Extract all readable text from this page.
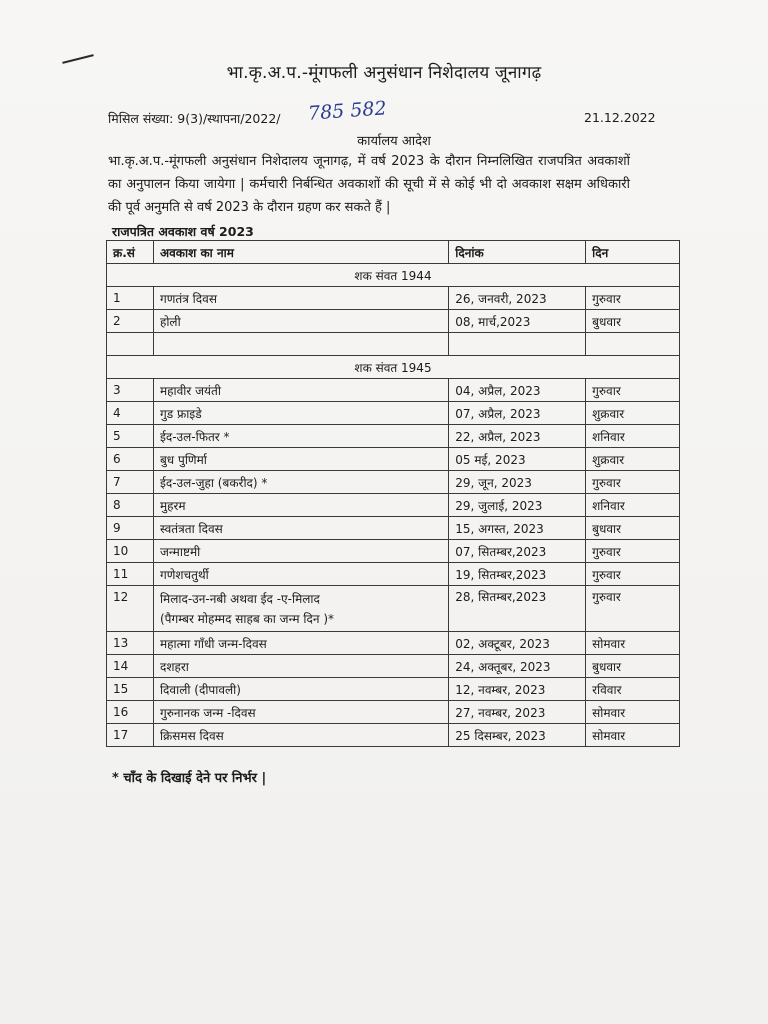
भा.कृ.अ.प.-मूंगफली अनुसंधान निशेदालय जूनागढ़
मिसिल संख्या: 9(3)/स्थापना/2022/ 785 582	21.12.2022
कार्यालय आदेश
भा.कृ.अ.प.-मूंगफली अनुसंधान निशेदालय जूनागढ़, में वर्ष 2023 के दौरान निम्नलिखित राजपत्रित अवकाशों का अनुपालन किया जायेगा | कर्मचारी निर्बन्धित अवकाशों की सूची में से कोई भी दो अवकाश सक्षम अधिकारी की पूर्व अनुमति से वर्ष 2023 के दौरान ग्रहण कर सकते हैं |
राजपत्रित अवकाश वर्ष 2023
क्र.सं	अवकाश का नाम	दिनांक	दिन
शक संवत 1944			
1	गणतंत्र दिवस	26, जनवरी, 2023	गुरुवार
2	होली	08, मार्च,2023	बुधवार

शक संवत 1945			
3	महावीर जयंती	04, अप्रैल, 2023	गुरुवार
4	गुड फ्राइडे	07, अप्रैल, 2023	शुक्रवार
5	ईद-उल-फितर *	22, अप्रैल, 2023	शनिवार
6	बुध पुणिर्मा	05 मई, 2023	शुक्रवार
7	ईद-उल-जुहा (बकरीद) *	29, जून, 2023	गुरुवार
8	मुहरम	29, जुलाई, 2023	शनिवार
9	स्वतंत्रता दिवस	15, अगस्त, 2023	बुधवार
10	जन्माष्टमी	07, सितम्बर,2023	गुरुवार
11	गणेशचतुर्थी	19, सितम्बर,2023	गुरुवार
12	मिलाद-उन-नबी अथवा ईद -ए-मिलाद
(पैगम्बर मोहम्मद साहब का जन्म दिन )*	28, सितम्बर,2023	गुरुवार
13	महात्मा गाँधी जन्म-दिवस	02, अक्टूबर, 2023	सोमवार
14	दशहरा	24, अक्तूबर, 2023	बुधवार
15	दिवाली (दीपावली)	12, नवम्बर, 2023	रविवार
16	गुरुनानक जन्म -दिवस	27, नवम्बर, 2023	सोमवार
17	क्रिसमस दिवस	25 दिसम्बर, 2023	सोमवार
* चाँद के दिखाई देने पर निर्भर |
